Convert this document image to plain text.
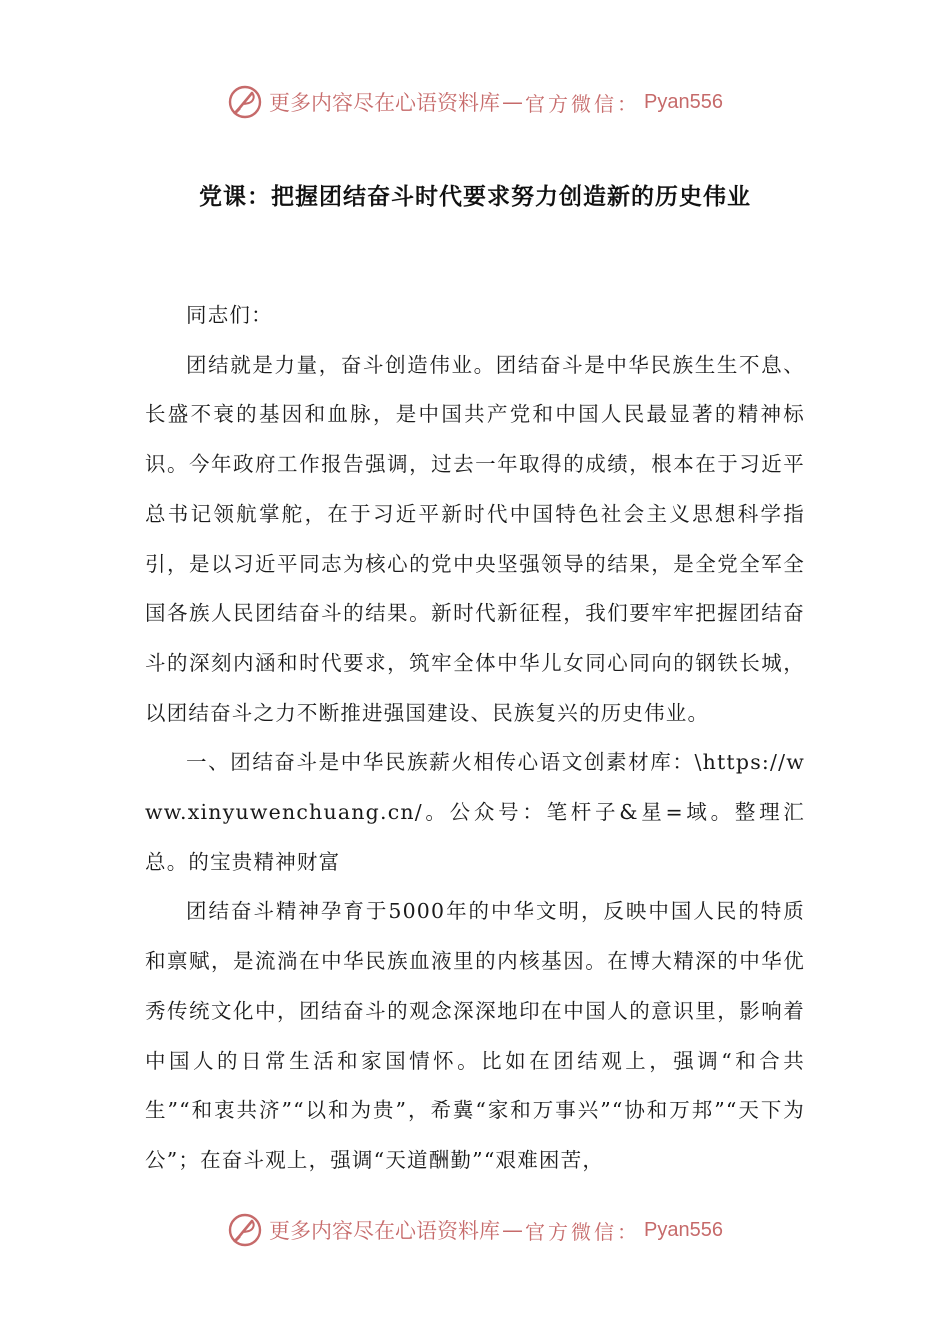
更多内容尽在心语资料库 — 官方微信： Pyan556
党课：把握团结奋斗时代要求努力创造新的历史伟业

同志们：

团结就是力量，奋斗创造伟业。团结奋斗是中华民族生生不息、长盛不衰的基因和血脉，是中国共产党和中国人民最显著的精神标识。今年政府工作报告强调，过去一年取得的成绩，根本在于习近平总书记领航掌舵，在于习近平新时代中国特色社会主义思想科学指引，是以习近平同志为核心的党中央坚强领导的结果，是全党全军全国各族人民团结奋斗的结果。新时代新征程，我们要牢牢把握团结奋斗的深刻内涵和时代要求，筑牢全体中华儿女同心同向的钢铁长城，以团结奋斗之力不断推进强国建设、民族复兴的历史伟业。

一、团结奋斗是中华民族薪火相传心语文创素材库：\https://www.xinyuwenchuang.cn/。公众号：笔杆子&星=域。整理汇总。的宝贵精神财富

团结奋斗精神孕育于5000年的中华文明，反映中国人民的特质和禀赋，是流淌在中华民族血液里的内核基因。在博大精深的中华优秀传统文化中，团结奋斗的观念深深地印在中国人的意识里，影响着中国人的日常生活和家国情怀。比如在团结观上，强调“和合共生”“和衷共济”“以和为贵”，希冀“家和万事兴”“协和万邦”“天下为公”；在奋斗观上，强调“天道酬勤”“艰难困苦，

更多内容尽在心语资料库 — 官方微信： Pyan556
